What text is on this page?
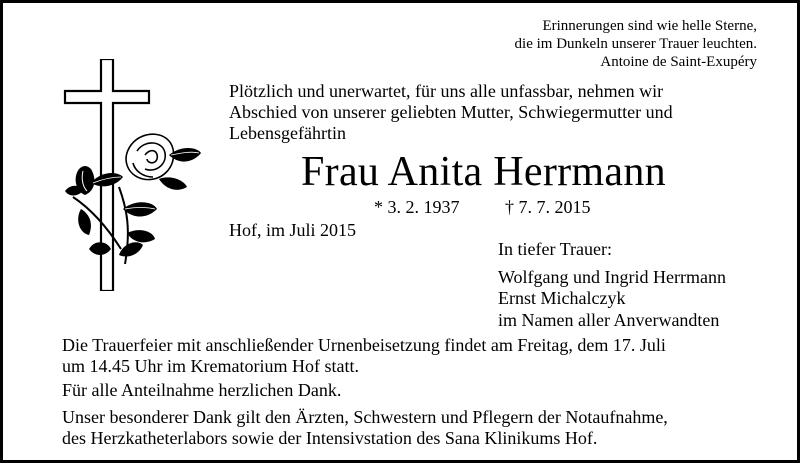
Erinnerungen sind wie helle Sterne,
die im Dunkeln unserer Trauer leuchten.
Antoine de Saint-Exupéry
Plötzlich und unerwartet, für uns alle unfassbar, nehmen wir
Abschied von unserer geliebten Mutter, Schwiegermutter und
Lebensgefährtin
Frau Anita Herrmann
* 3. 2. 1937	† 7. 7. 2015
Hof, im Juli 2015
In tiefer Trauer:
Wolfgang und Ingrid Herrmann
Ernst Michalczyk
im Namen aller Anverwandten
Die Trauerfeier mit anschließender Urnenbeisetzung findet am Freitag, dem 17. Juli
um 14.45 Uhr im Krematorium Hof statt.
Für alle Anteilnahme herzlichen Dank.
Unser besonderer Dank gilt den Ärzten, Schwestern und Pflegern der Notaufnahme,
des Herzkatheterlabors sowie der Intensivstation des Sana Klinikums Hof.
